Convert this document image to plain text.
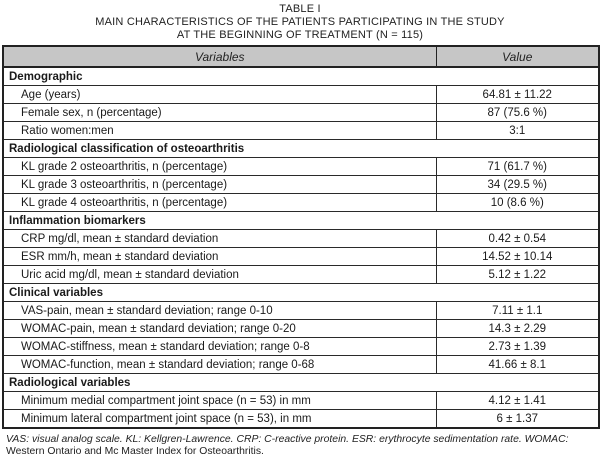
TABLE I
MAIN CHARACTERISTICS OF THE PATIENTS PARTICIPATING IN THE STUDY
AT THE BEGINNING OF TREATMENT (N = 115)
Variables	Value
Demographic	
Age (years)	64.81 ± 11.22
Female sex, n (percentage)	87 (75.6 %)
Ratio women:men	3:1
Radiological classification of osteoarthritis	
KL grade 2 osteoarthritis, n (percentage)	71 (61.7 %)
KL grade 3 osteoarthritis, n (percentage)	34 (29.5 %)
KL grade 4 osteoarthritis, n (percentage)	10 (8.6 %)
Inflammation biomarkers	
CRP mg/dl, mean ± standard deviation	0.42 ± 0.54
ESR mm/h, mean ± standard deviation	14.52 ± 10.14
Uric acid mg/dl, mean ± standard deviation	5.12 ± 1.22
Clinical variables	
VAS-pain, mean ± standard deviation; range 0-10	7.11 ± 1.1
WOMAC-pain, mean ± standard deviation; range 0-20	14.3 ± 2.29
WOMAC-stiffness, mean ± standard deviation; range 0-8	2.73 ± 1.39
WOMAC-function, mean ± standard deviation; range 0-68	41.66 ± 8.1
Radiological variables	
Minimum medial compartment joint space (n = 53) in mm	4.12 ± 1.41
Minimum lateral compartment joint space (n = 53), in mm	6 ± 1.37
VAS: visual analog scale. KL: Kellgren-Lawrence. CRP: C-reactive protein. ESR: erythrocyte sedimentation rate. WOMAC:
Western Ontario and Mc Master Index for Osteoarthritis.
